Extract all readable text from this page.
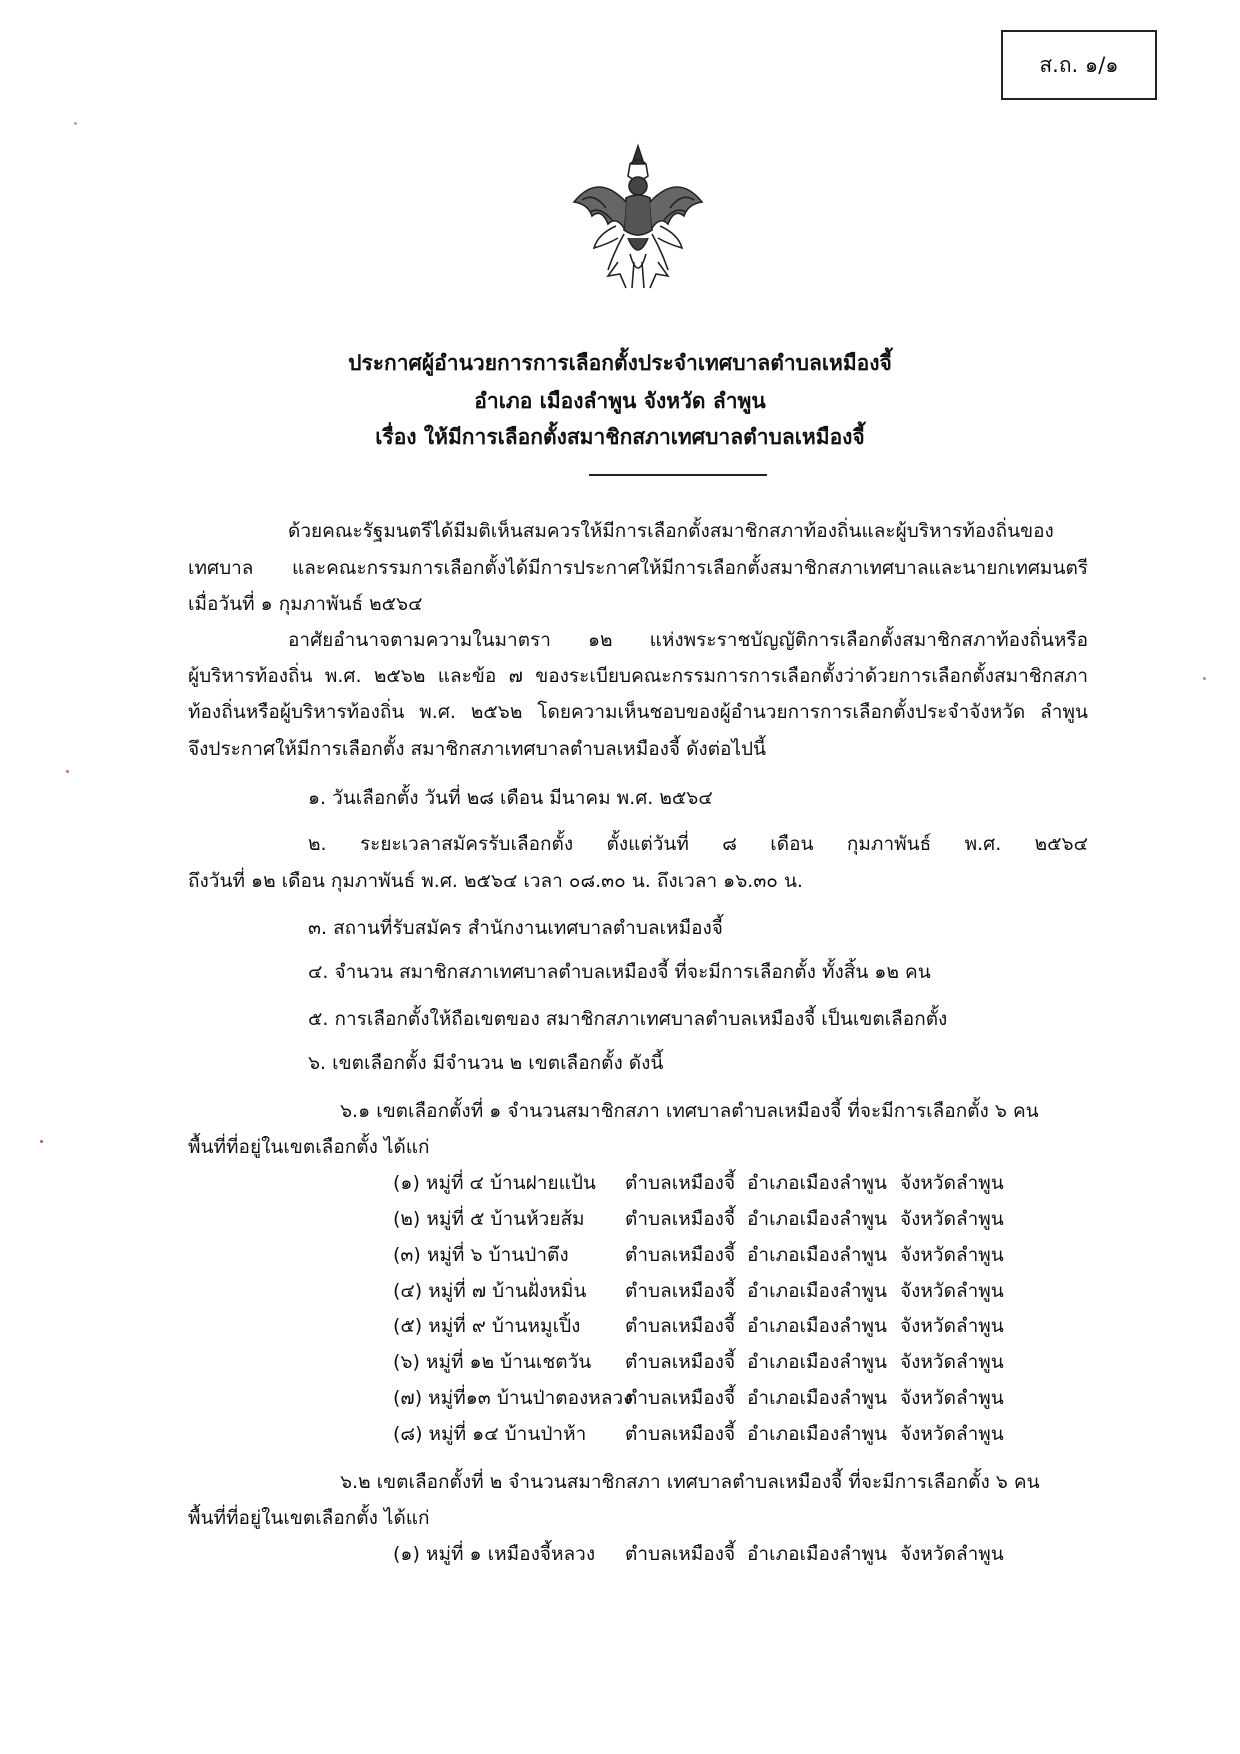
ส.ถ. ๑/๑
ประกาศผู้อำนวยการการเลือกตั้งประจำเทศบาลตำบลเหมืองจี้
อำเภอ เมืองลำพูน จังหวัด ลำพูน
เรื่อง ให้มีการเลือกตั้งสมาชิกสภาเทศบาลตำบลเหมืองจี้
ด้วยคณะรัฐมนตรีได้มีมติเห็นสมควรให้มีการเลือกตั้งสมาชิกสภาท้องถิ่นและผู้บริหารท้องถิ่นของ
เทศบาล และคณะกรรมการเลือกตั้งได้มีการประกาศให้มีการเลือกตั้งสมาชิกสภาเทศบาลและนายกเทศมนตรี
เมื่อวันที่ ๑ กุมภาพันธ์ ๒๕๖๔
อาศัยอำนาจตามความในมาตรา ๑๒ แห่งพระราชบัญญัติการเลือกตั้งสมาชิกสภาท้องถิ่นหรือ
ผู้บริหารท้องถิ่น พ.ศ. ๒๕๖๒ และข้อ ๗ ของระเบียบคณะกรรมการการเลือกตั้งว่าด้วยการเลือกตั้งสมาชิกสภา
ท้องถิ่นหรือผู้บริหารท้องถิ่น พ.ศ. ๒๕๖๒ โดยความเห็นชอบของผู้อำนวยการการเลือกตั้งประจำจังหวัด ลำพูน
จึงประกาศให้มีการเลือกตั้ง สมาชิกสภาเทศบาลตำบลเหมืองจี้ ดังต่อไปนี้
๑. วันเลือกตั้ง วันที่ ๒๘ เดือน มีนาคม พ.ศ. ๒๕๖๔
๒. ระยะเวลาสมัครรับเลือกตั้ง ตั้งแต่วันที่ ๘ เดือน กุมภาพันธ์ พ.ศ. ๒๕๖๔
ถึงวันที่ ๑๒ เดือน กุมภาพันธ์ พ.ศ. ๒๕๖๔ เวลา ๐๘.๓๐ น. ถึงเวลา ๑๖.๓๐ น.
๓. สถานที่รับสมัคร สำนักงานเทศบาลตำบลเหมืองจี้
๔. จำนวน สมาชิกสภาเทศบาลตำบลเหมืองจี้ ที่จะมีการเลือกตั้ง ทั้งสิ้น ๑๒ คน
๕. การเลือกตั้งให้ถือเขตของ สมาชิกสภาเทศบาลตำบลเหมืองจี้ เป็นเขตเลือกตั้ง
๖. เขตเลือกตั้ง มีจำนวน ๒ เขตเลือกตั้ง ดังนี้
๖.๑ เขตเลือกตั้งที่ ๑ จำนวนสมาชิกสภา เทศบาลตำบลเหมืองจี้ ที่จะมีการเลือกตั้ง ๖ คน
พื้นที่ที่อยู่ในเขตเลือกตั้ง ได้แก่
(๑) หมู่ที่ ๔ บ้านฝายแป้น ตำบลเหมืองจี้ อำเภอเมืองลำพูน จังหวัดลำพูน
(๒) หมู่ที่ ๕ บ้านห้วยส้ม ตำบลเหมืองจี้ อำเภอเมืองลำพูน จังหวัดลำพูน
(๓) หมู่ที่ ๖ บ้านป่าตึง	ตำบลเหมืองจี้ อำเภอเมืองลำพูน จังหวัดลำพูน
(๔) หมู่ที่ ๗ บ้านฝั่งหมิ่น ตำบลเหมืองจี้ อำเภอเมืองลำพูน จังหวัดลำพูน
(๕) หมู่ที่ ๙ บ้านหมูเปิ้ง ตำบลเหมืองจี้ อำเภอเมืองลำพูน จังหวัดลำพูน
(๖) หมู่ที่ ๑๒ บ้านเชตวัน ตำบลเหมืองจี้ อำเภอเมืองลำพูน จังหวัดลำพูน
(๗) หมู่ที่๑๓ บ้านป่าตองหลวง
ตำบลเหมืองจี้ อำเภอเมืองลำพูน จังหวัดลำพูน
(๘) หมู่ที่ ๑๔ บ้านป่าห้า ตำบลเหมืองจี้ อำเภอเมืองลำพูน จังหวัดลำพูน
๖.๒ เขตเลือกตั้งที่ ๒ จำนวนสมาชิกสภา เทศบาลตำบลเหมืองจี้ ที่จะมีการเลือกตั้ง ๖ คน
พื้นที่ที่อยู่ในเขตเลือกตั้ง ได้แก่
(๑) หมู่ที่ ๑ เหมืองจี้หลวง ตำบลเหมืองจี้ อำเภอเมืองลำพูน จังหวัดลำพูน
